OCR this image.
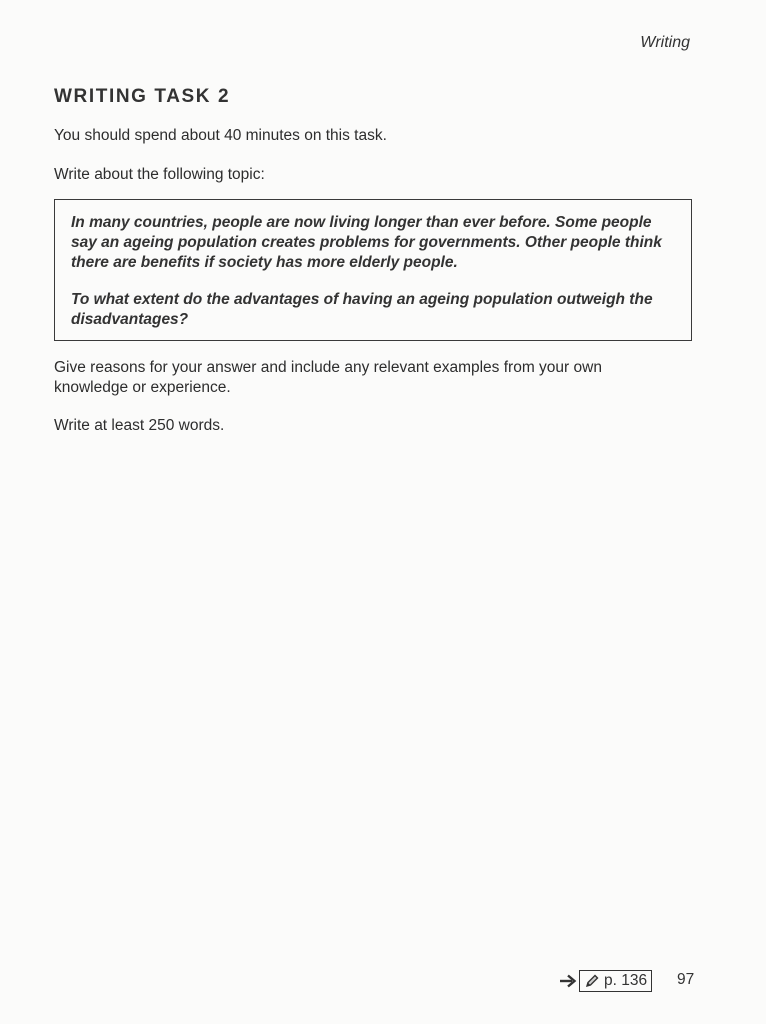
Writing
WRITING TASK 2

You should spend about 40 minutes on this task.

Write about the following topic:

In many countries, people are now living longer than ever before. Some people say an ageing population creates problems for governments. Other people think there are benefits if society has more elderly people.

To what extent do the advantages of having an ageing population outweigh the disadvantages?

Give reasons for your answer and include any relevant examples from your own knowledge or experience.

Write at least 250 words.

p. 136 97
